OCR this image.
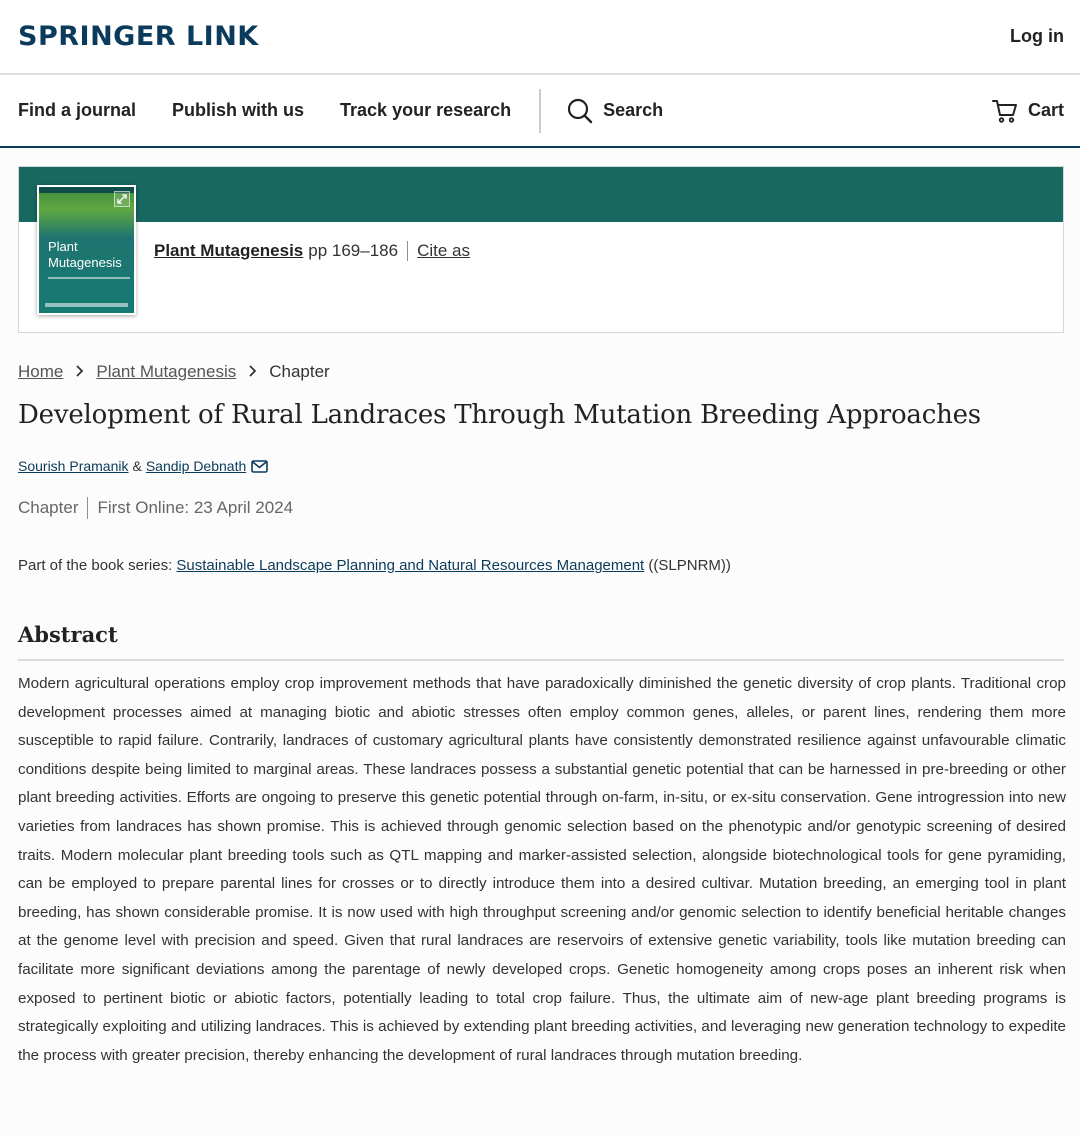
SPRINGER LINK	Log in
Find a journal Publish with us Track your research	Search	Cart
Plant
Mutagenesis
Plant Mutagenesis pp 169–186 Cite as
Home Plant Mutagenesis Chapter
Development of Rural Landraces Through Mutation Breeding Approaches
Sourish Pramanik & Sandip Debnath
Chapter First Online: 23 April 2024
Part of the book series: Sustainable Landscape Planning and Natural Resources Management ((SLPNRM))
Abstract

Modern agricultural operations employ crop improvement methods that have paradoxically diminished the genetic diversity of crop plants. Traditional crop development processes aimed at managing biotic and abiotic stresses often employ common genes, alleles, or parent lines, rendering them more susceptible to rapid failure. Contrarily, landraces of customary agricultural plants have consistently demonstrated resilience against unfavourable climatic conditions despite being limited to marginal areas. These landraces possess a substantial genetic potential that can be harnessed in pre-breeding or other plant breeding activities. Efforts are ongoing to preserve this genetic potential through on-farm, in-situ, or ex-situ conservation. Gene introgression into new varieties from landraces has shown promise. This is achieved through genomic selection based on the phenotypic and/or genotypic screening of desired traits. Modern molecular plant breeding tools such as QTL mapping and marker-assisted selection, alongside biotechnological tools for gene pyramiding, can be employed to prepare parental lines for crosses or to directly introduce them into a desired cultivar. Mutation breeding, an emerging tool in plant breeding, has shown considerable promise. It is now used with high throughput screening and/or genomic selection to identify beneficial heritable changes at the genome level with precision and speed. Given that rural landraces are reservoirs of extensive genetic variability, tools like mutation breeding can facilitate more significant deviations among the parentage of newly developed crops. Genetic homogeneity among crops poses an inherent risk when exposed to pertinent biotic or abiotic factors, potentially leading to total crop failure. Thus, the ultimate aim of new-age plant breeding programs is strategically exploiting and utilizing landraces. This is achieved by extending plant breeding activities, and leveraging new generation technology to expedite the process with greater precision, thereby enhancing the development of rural landraces through mutation breeding.
